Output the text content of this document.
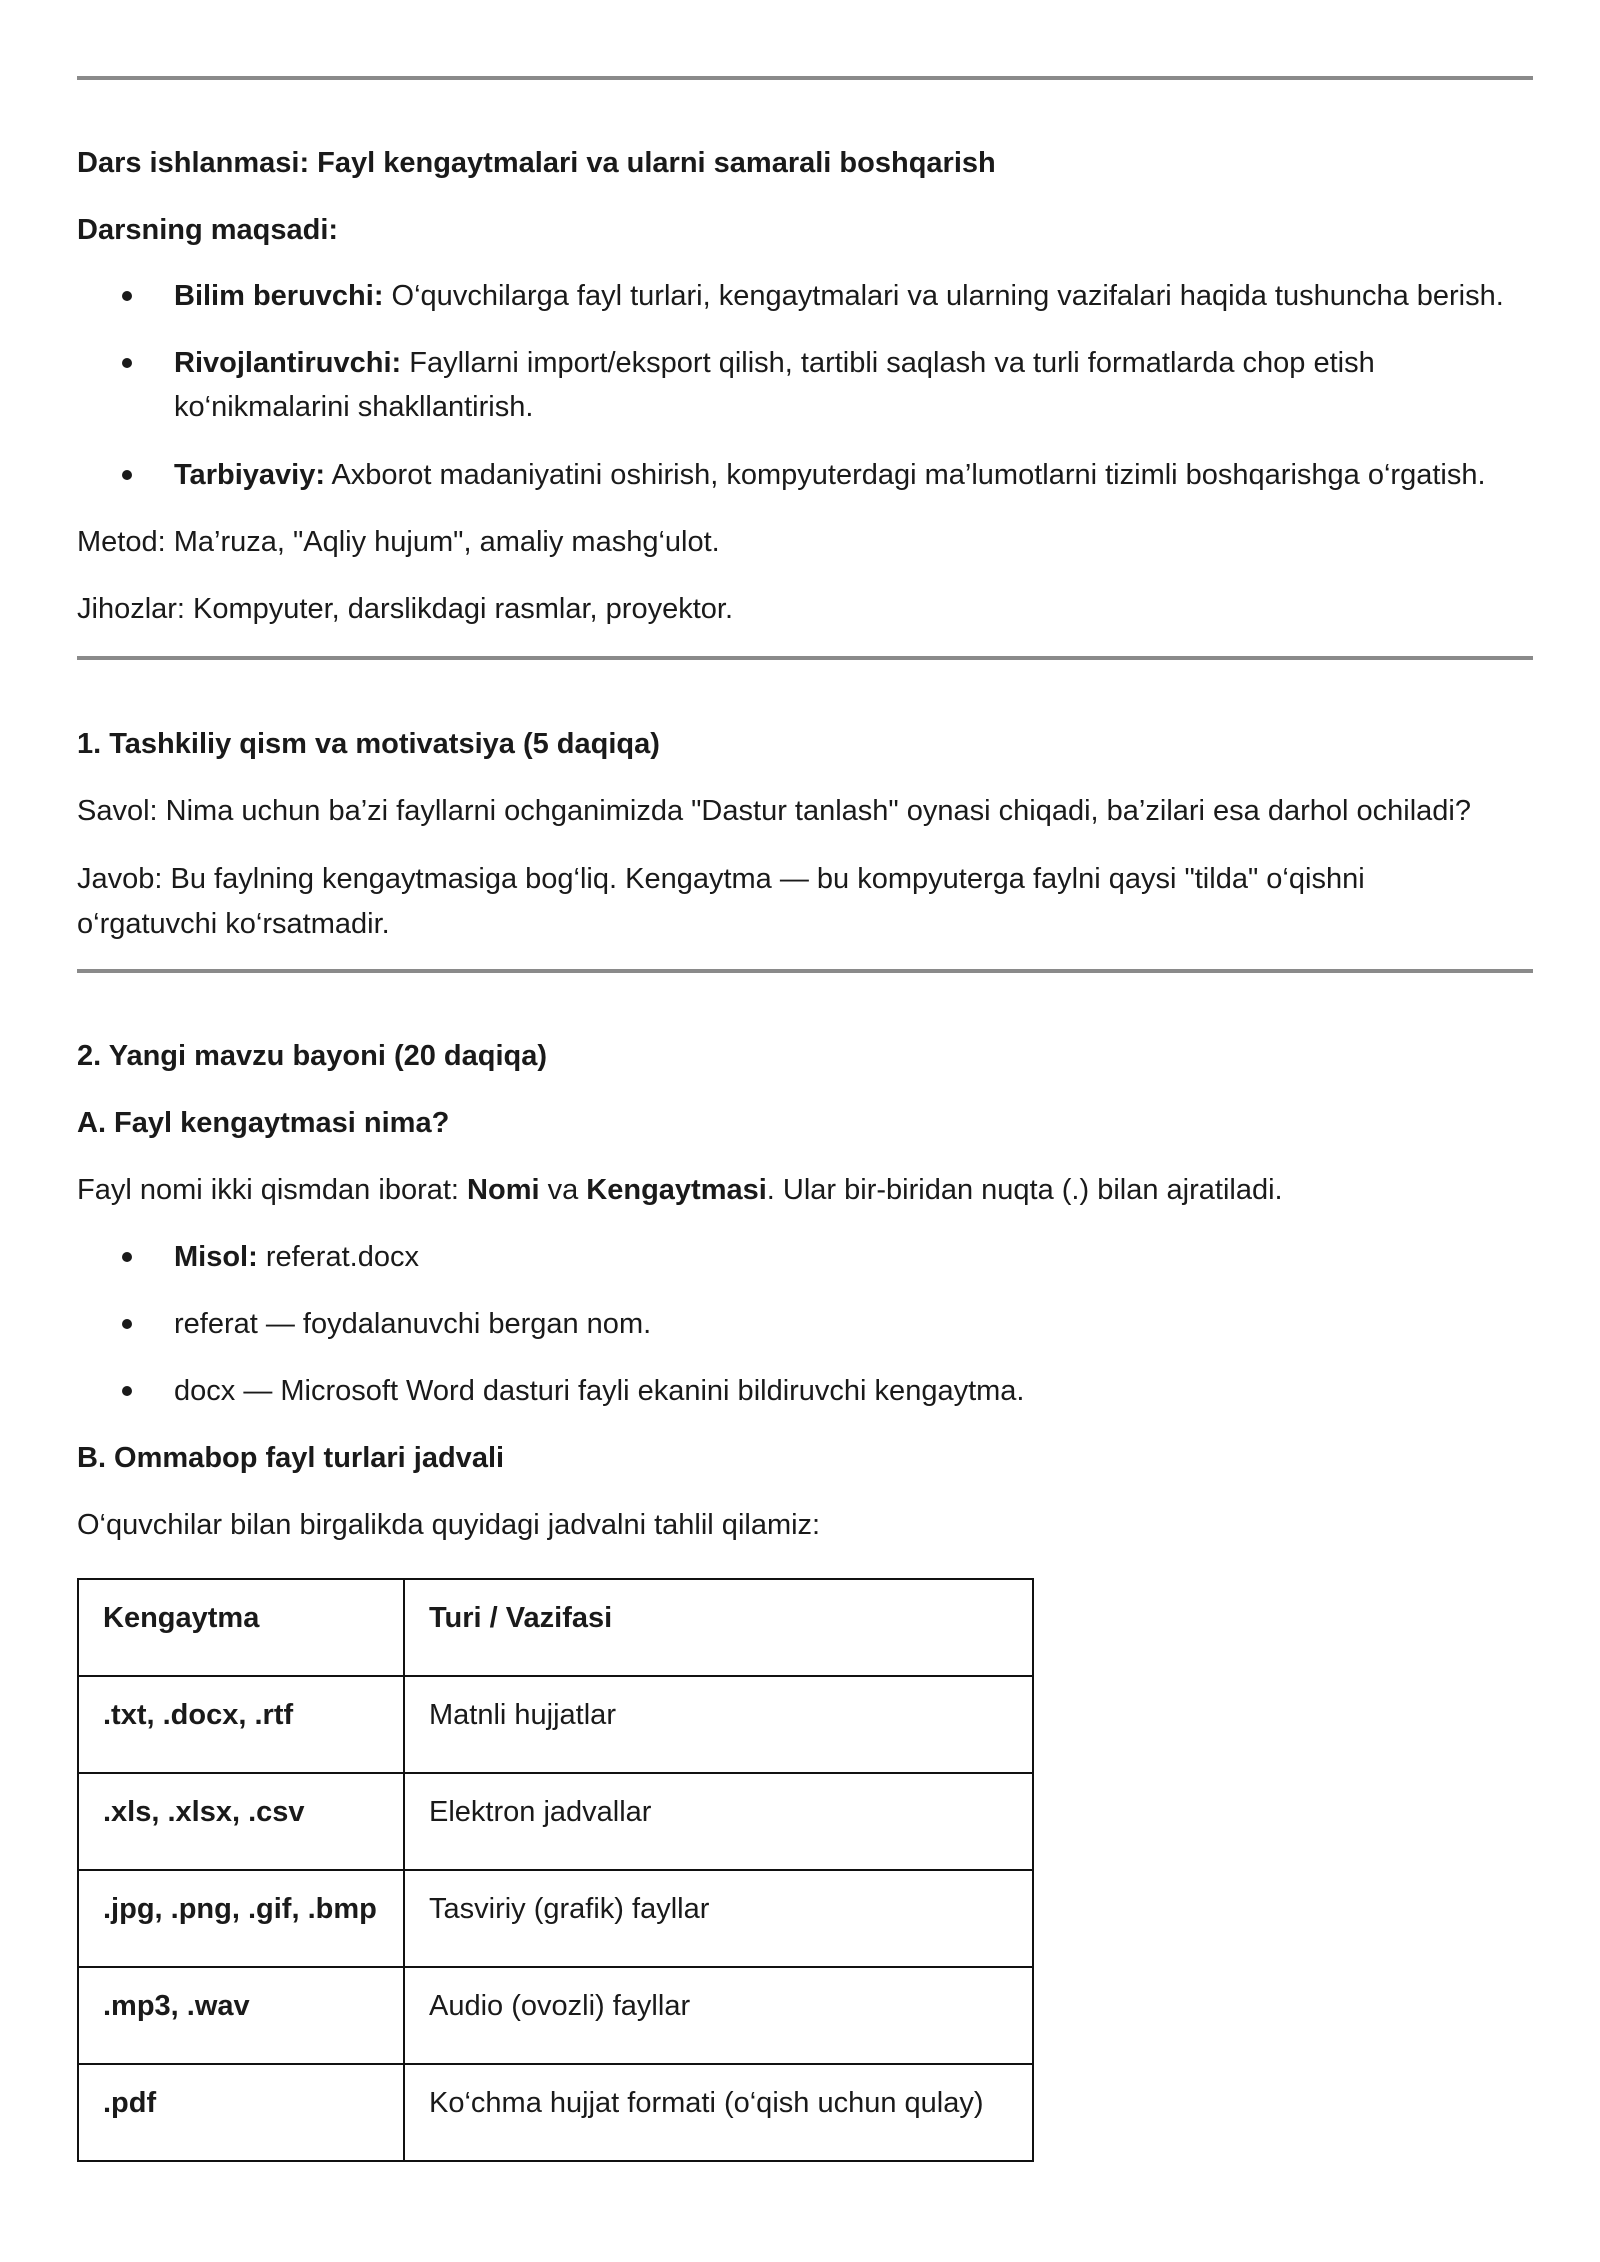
Dars ishlanmasi: Fayl kengaytmalari va ularni samarali boshqarish
Darsning maqsadi:
Bilim beruvchi: O‘quvchilarga fayl turlari, kengaytmalari va ularning vazifalari haqida tushuncha berish.
Rivojlantiruvchi: Fayllarni import/eksport qilish, tartibli saqlash va turli formatlarda chop etish ko‘nikmalarini shakllantirish.
Tarbiyaviy: Axborot madaniyatini oshirish, kompyuterdagi ma’lumotlarni tizimli boshqarishga o‘rgatish.
Metod: Ma’ruza, "Aqliy hujum", amaliy mashg‘ulot.
Jihozlar: Kompyuter, darslikdagi rasmlar, proyektor.
1. Tashkiliy qism va motivatsiya (5 daqiqa)
Savol: Nima uchun ba’zi fayllarni ochganimizda "Dastur tanlash" oynasi chiqadi, ba’zilari esa darhol ochiladi?
Javob: Bu faylning kengaytmasiga bog‘liq. Kengaytma — bu kompyuterga faylni qaysi "tilda" o‘qishni
o‘rgatuvchi ko‘rsatmadir.
2. Yangi mavzu bayoni (20 daqiqa)
A. Fayl kengaytmasi nima?
Fayl nomi ikki qismdan iborat: Nomi va Kengaytmasi. Ular bir-biridan nuqta (.) bilan ajratiladi.
Misol: referat.docx
referat — foydalanuvchi bergan nom.
docx — Microsoft Word dasturi fayli ekanini bildiruvchi kengaytma.
B. Ommabop fayl turlari jadvali
O‘quvchilar bilan birgalikda quyidagi jadvalni tahlil qilamiz:
Kengaytma	Turi / Vazifasi
.txt, .docx, .rtf	Matnli hujjatlar
.xls, .xlsx, .csv	Elektron jadvallar
.jpg, .png, .gif, .bmp	Tasviriy (grafik) fayllar
.mp3, .wav	Audio (ovozli) fayllar
.pdf	Ko‘chma hujjat formati (o‘qish uchun qulay)
